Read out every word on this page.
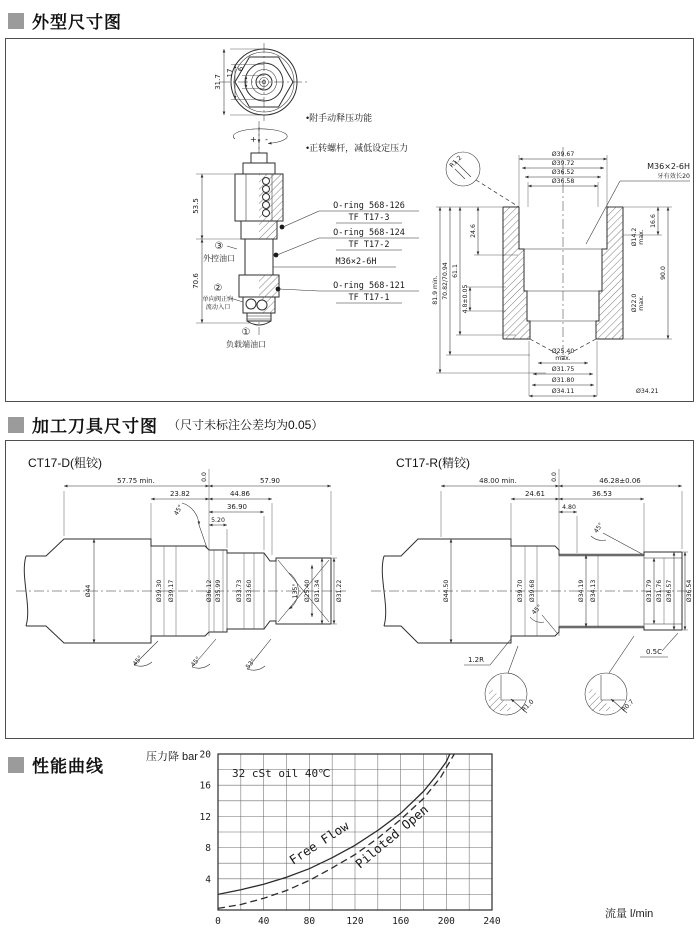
外型尺寸图
31.7
17 6
+ -
•附手动释压功能
•正转螺杆，减低设定压力
53.5
70.6
③
外控油口
②
单向阀正向
流动入口
①
负载端油口
O-ring 568-126
TF T17-3
O-ring 568-124
TF T17-2
M36×2-6H
O-ring 568-121
TF T17-1
Ø39.67
Ø39.72
Ø36.52
Ø36.58
R1.2	M36×2-6H
牙有效长20
81.9 min. 70.82/70.94 61.1
4.8±0.05
24.6
16.6
90.0
Ø14.2 max.
Ø22.0 max.
Ø25.40
max.
Ø31.75
Ø31.80
Ø34.11	Ø34.21
加工刀具尺寸图 （尺寸未标注公差均为0.05）
CT17-D(粗铰)	CT17-R(精铰)
0.0
57.75 min.	57.90
23.82	44.86
36.90
5.20
45°
Ø44	Ø39.30 Ø39.17	Ø36.12 Ø35.99 Ø33.73 Ø33.60	135° Ø25.40 Ø31.34 Ø31.22
45°	45°	53°
0.0
48.00 min.	46.28±0.06
24.61	36.53
4.80
45°
45°
Ø44.50	Ø39.70 Ø39.68	Ø34.19 Ø34.13	Ø31.79 Ø31.76 Ø36.57 Ø36.54
1.2R
0.5C
R1.0	R0.7
性能曲线	压力降 bar
0	40	80	120	160	200	240
4
8
12
16
20
32 cSt oil 40℃
Free Flow Piloted Open
流量 l/min
